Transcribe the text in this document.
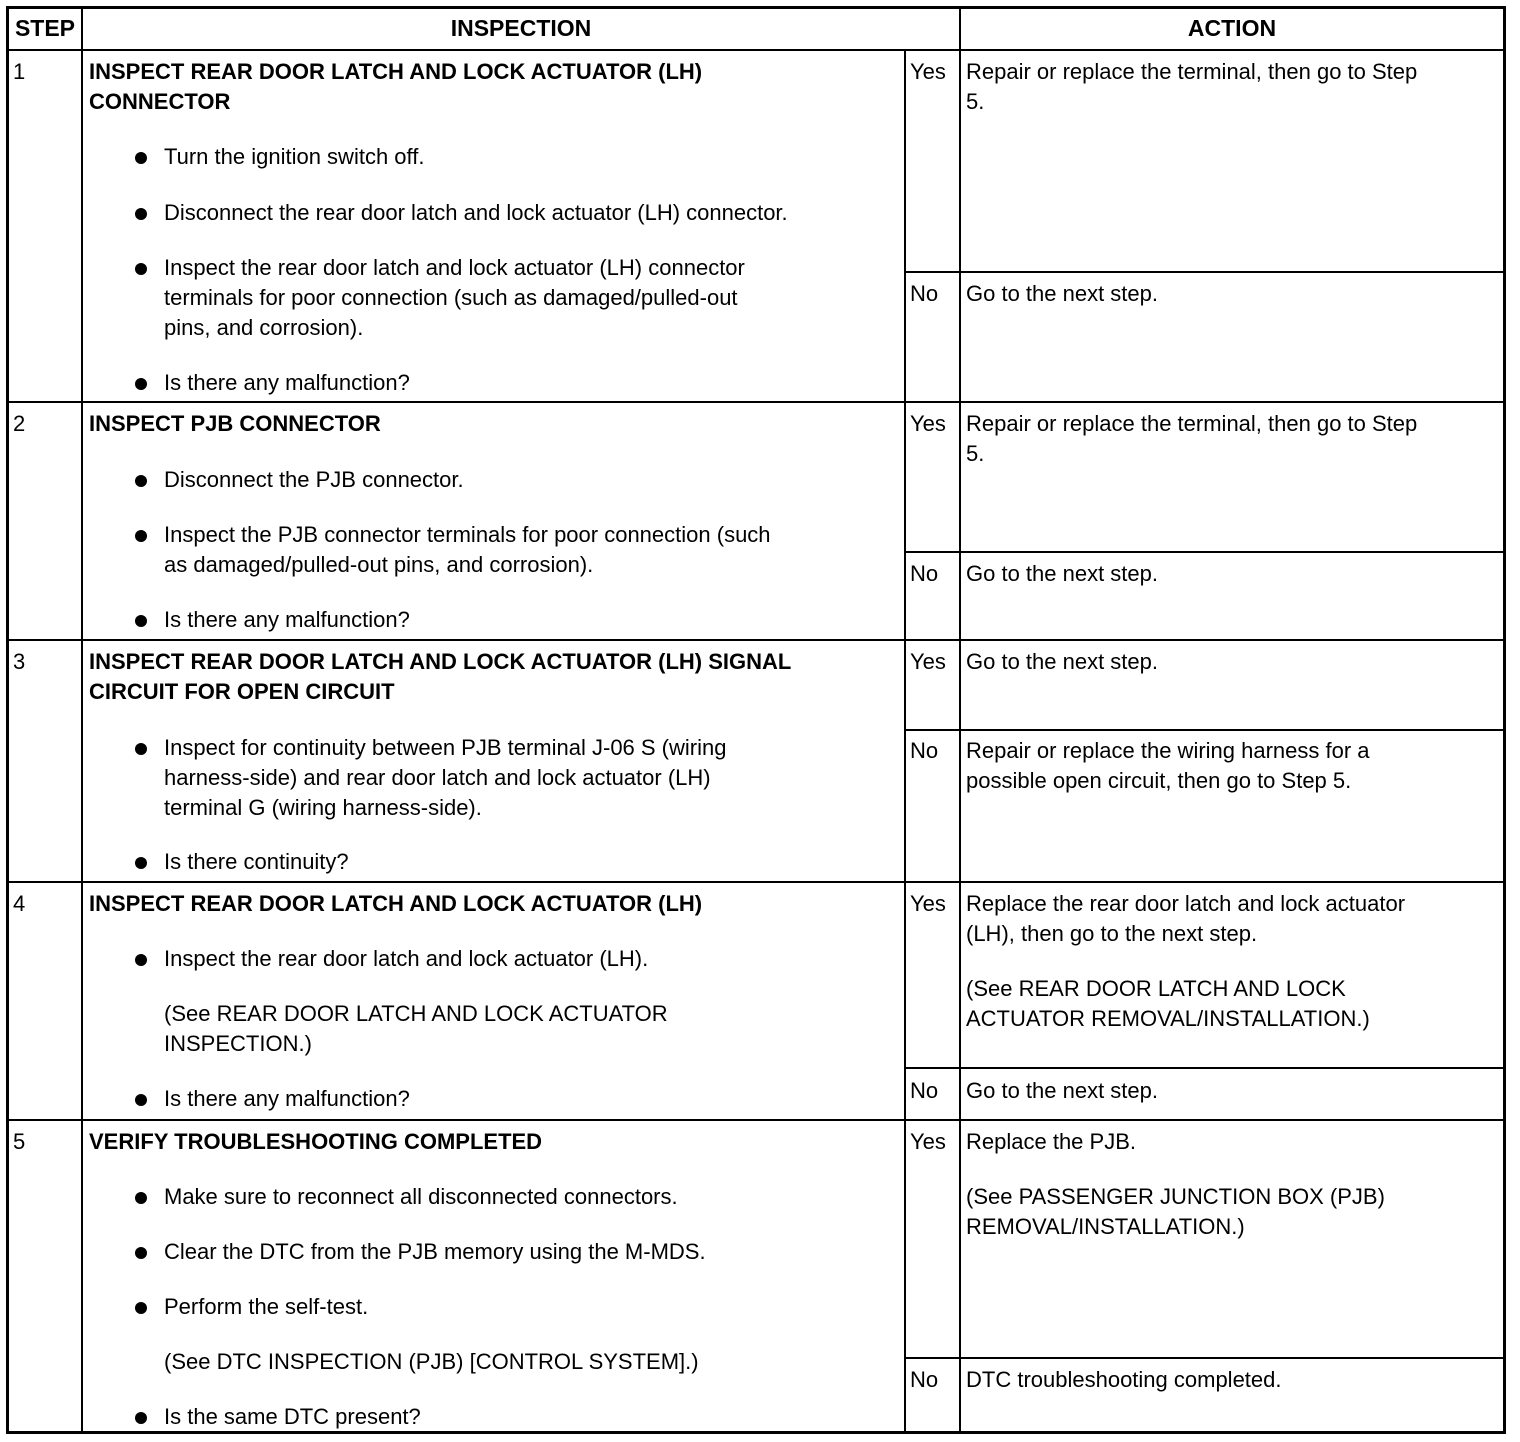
STEP	INSPECTION	ACTION
1	INSPECT REAR DOOR LATCH AND LOCK ACTUATOR (LH)
CONNECTOR
Turn the ignition switch off.
Disconnect the rear door latch and lock actuator (LH) connector.
Inspect the rear door latch and lock actuator (LH) connector
terminals for poor connection (such as damaged/pulled-out
pins, and corrosion).
Is there any malfunction?
Yes Repair or replace the terminal, then go to Step
5.
No Go to the next step.
2	INSPECT PJB CONNECTOR
Disconnect the PJB connector.
Inspect the PJB connector terminals for poor connection (such
as damaged/pulled-out pins, and corrosion).
Is there any malfunction?
Yes Repair or replace the terminal, then go to Step
5.
No Go to the next step.
3	INSPECT REAR DOOR LATCH AND LOCK ACTUATOR (LH) SIGNAL
CIRCUIT FOR OPEN CIRCUIT
Inspect for continuity between PJB terminal J-06 S (wiring
harness-side) and rear door latch and lock actuator (LH)
terminal G (wiring harness-side).
Is there continuity?
Yes Go to the next step.
No Repair or replace the wiring harness for a
possible open circuit, then go to Step 5.
4	INSPECT REAR DOOR LATCH AND LOCK ACTUATOR (LH)
Inspect the rear door latch and lock actuator (LH).
(See REAR DOOR LATCH AND LOCK ACTUATOR
INSPECTION.)
Is there any malfunction?
Yes Replace the rear door latch and lock actuator
(LH), then go to the next step.
(See REAR DOOR LATCH AND LOCK
ACTUATOR REMOVAL/INSTALLATION.)
No Go to the next step.
5	VERIFY TROUBLESHOOTING COMPLETED
Make sure to reconnect all disconnected connectors.
Clear the DTC from the PJB memory using the M-MDS.
Perform the self-test.
(See DTC INSPECTION (PJB) [CONTROL SYSTEM].)
Is the same DTC present?
Yes Replace the PJB.
(See PASSENGER JUNCTION BOX (PJB)
REMOVAL/INSTALLATION.)
No DTC troubleshooting completed.
